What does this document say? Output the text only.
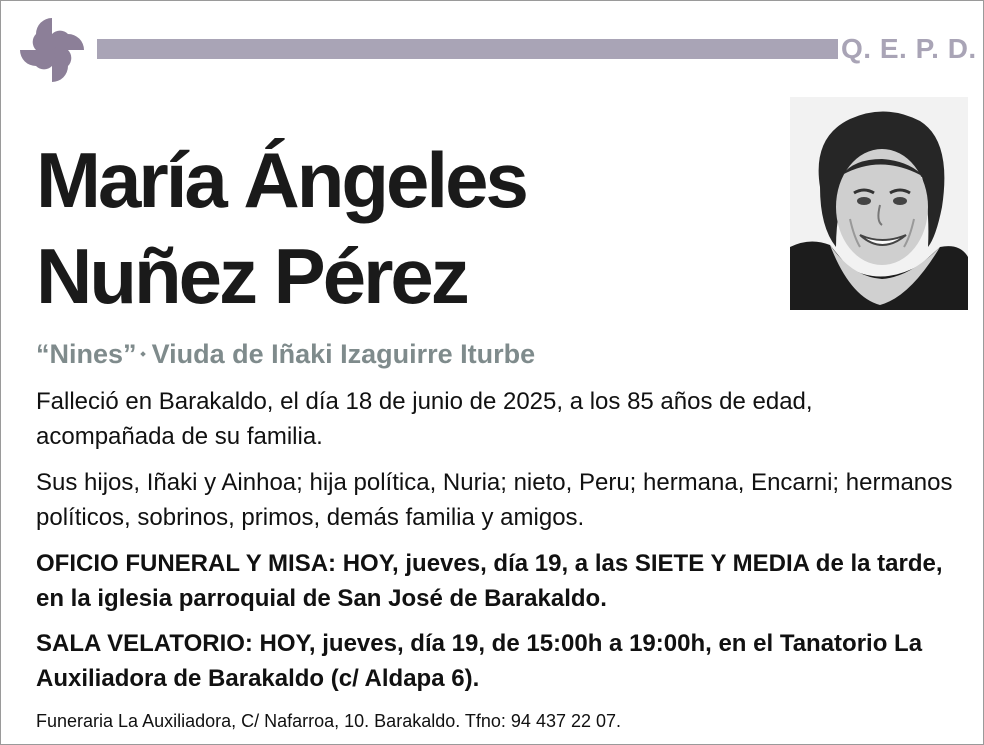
Q. E. P. D.
María Ángeles
Nuñez Pérez
“Nines” ⬩ Viuda de Iñaki Izaguirre Iturbe
Falleció en Barakaldo, el día 18 de junio de 2025, a los 85 años de edad, acompañada de su familia.
Sus hijos, Iñaki y Ainhoa; hija política, Nuria; nieto, Peru; hermana, Encarni; hermanos políticos, sobrinos, primos, demás familia y amigos.
OFICIO FUNERAL Y MISA: HOY, jueves, día 19, a las SIETE Y MEDIA de la tarde, en la iglesia parroquial de San José de Barakaldo.
SALA VELATORIO: HOY, jueves, día 19, de 15:00h a 19:00h, en el Tanatorio La Auxiliadora de Barakaldo (c/ Aldapa 6).
Funeraria La Auxiliadora, C/ Nafarroa, 10. Barakaldo. Tfno: 94 437 22 07.
